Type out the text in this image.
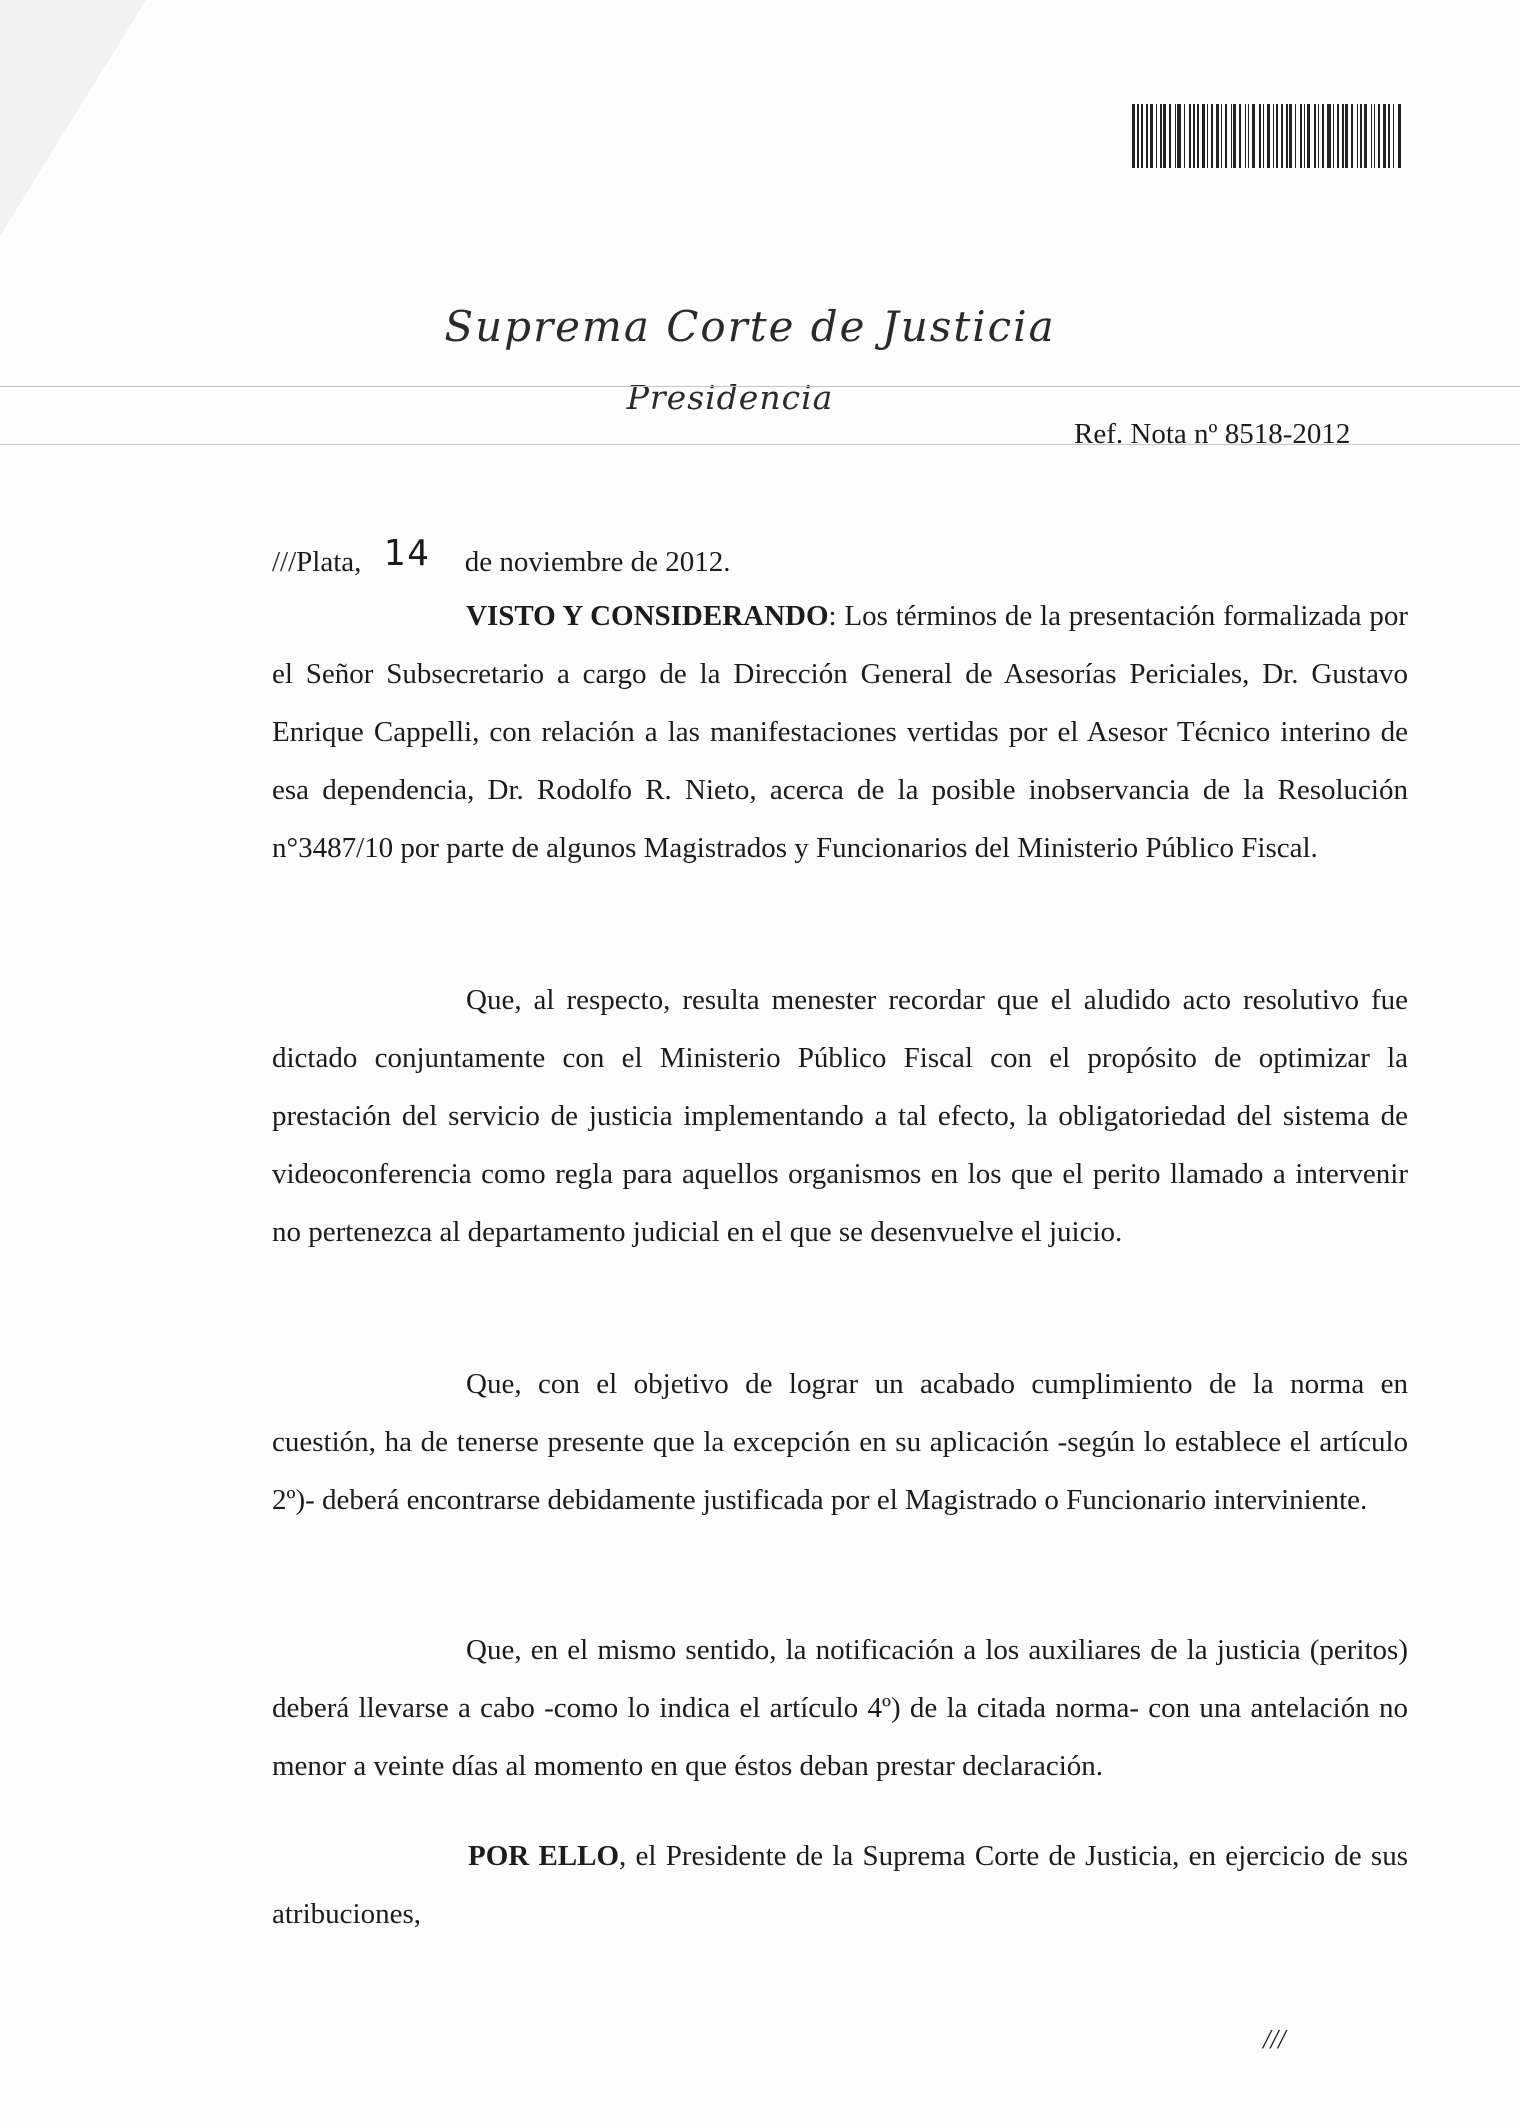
Suprema Corte de Justicia
Presidencia
Ref. Nota nº 8518-2012
///Plata, 14 de noviembre de 2012.
VISTO Y CONSIDERANDO: Los términos de la presentación formalizada por el Señor Subsecretario a cargo de la Dirección General de Asesorías Periciales, Dr. Gustavo Enrique Cappelli, con relación a las manifestaciones vertidas por el Asesor Técnico interino de esa dependencia, Dr. Rodolfo R. Nieto, acerca de la posible inobservancia de la Resolución n°3487/10 por parte de algunos Magistrados y Funcionarios del Ministerio Público Fiscal.
Que, al respecto, resulta menester recordar que el aludido acto resolutivo fue dictado conjuntamente con el Ministerio Público Fiscal con el propósito de optimizar la prestación del servicio de justicia implementando a tal efecto, la obligatoriedad del sistema de videoconferencia como regla para aquellos organismos en los que el perito llamado a intervenir no pertenezca al departamento judicial en el que se desenvuelve el juicio.
Que, con el objetivo de lograr un acabado cumplimiento de la norma en cuestión, ha de tenerse presente que la excepción en su aplicación -según lo establece el artículo 2º)- deberá encontrarse debidamente justificada por el Magistrado o Funcionario interviniente.
Que, en el mismo sentido, la notificación a los auxiliares de la justicia (peritos) deberá llevarse a cabo -como lo indica el artículo 4º) de la citada norma- con una antelación no menor a veinte días al momento en que éstos deban prestar declaración.
POR ELLO, el Presidente de la Suprema Corte de Justicia, en ejercicio de sus atribuciones,
///
